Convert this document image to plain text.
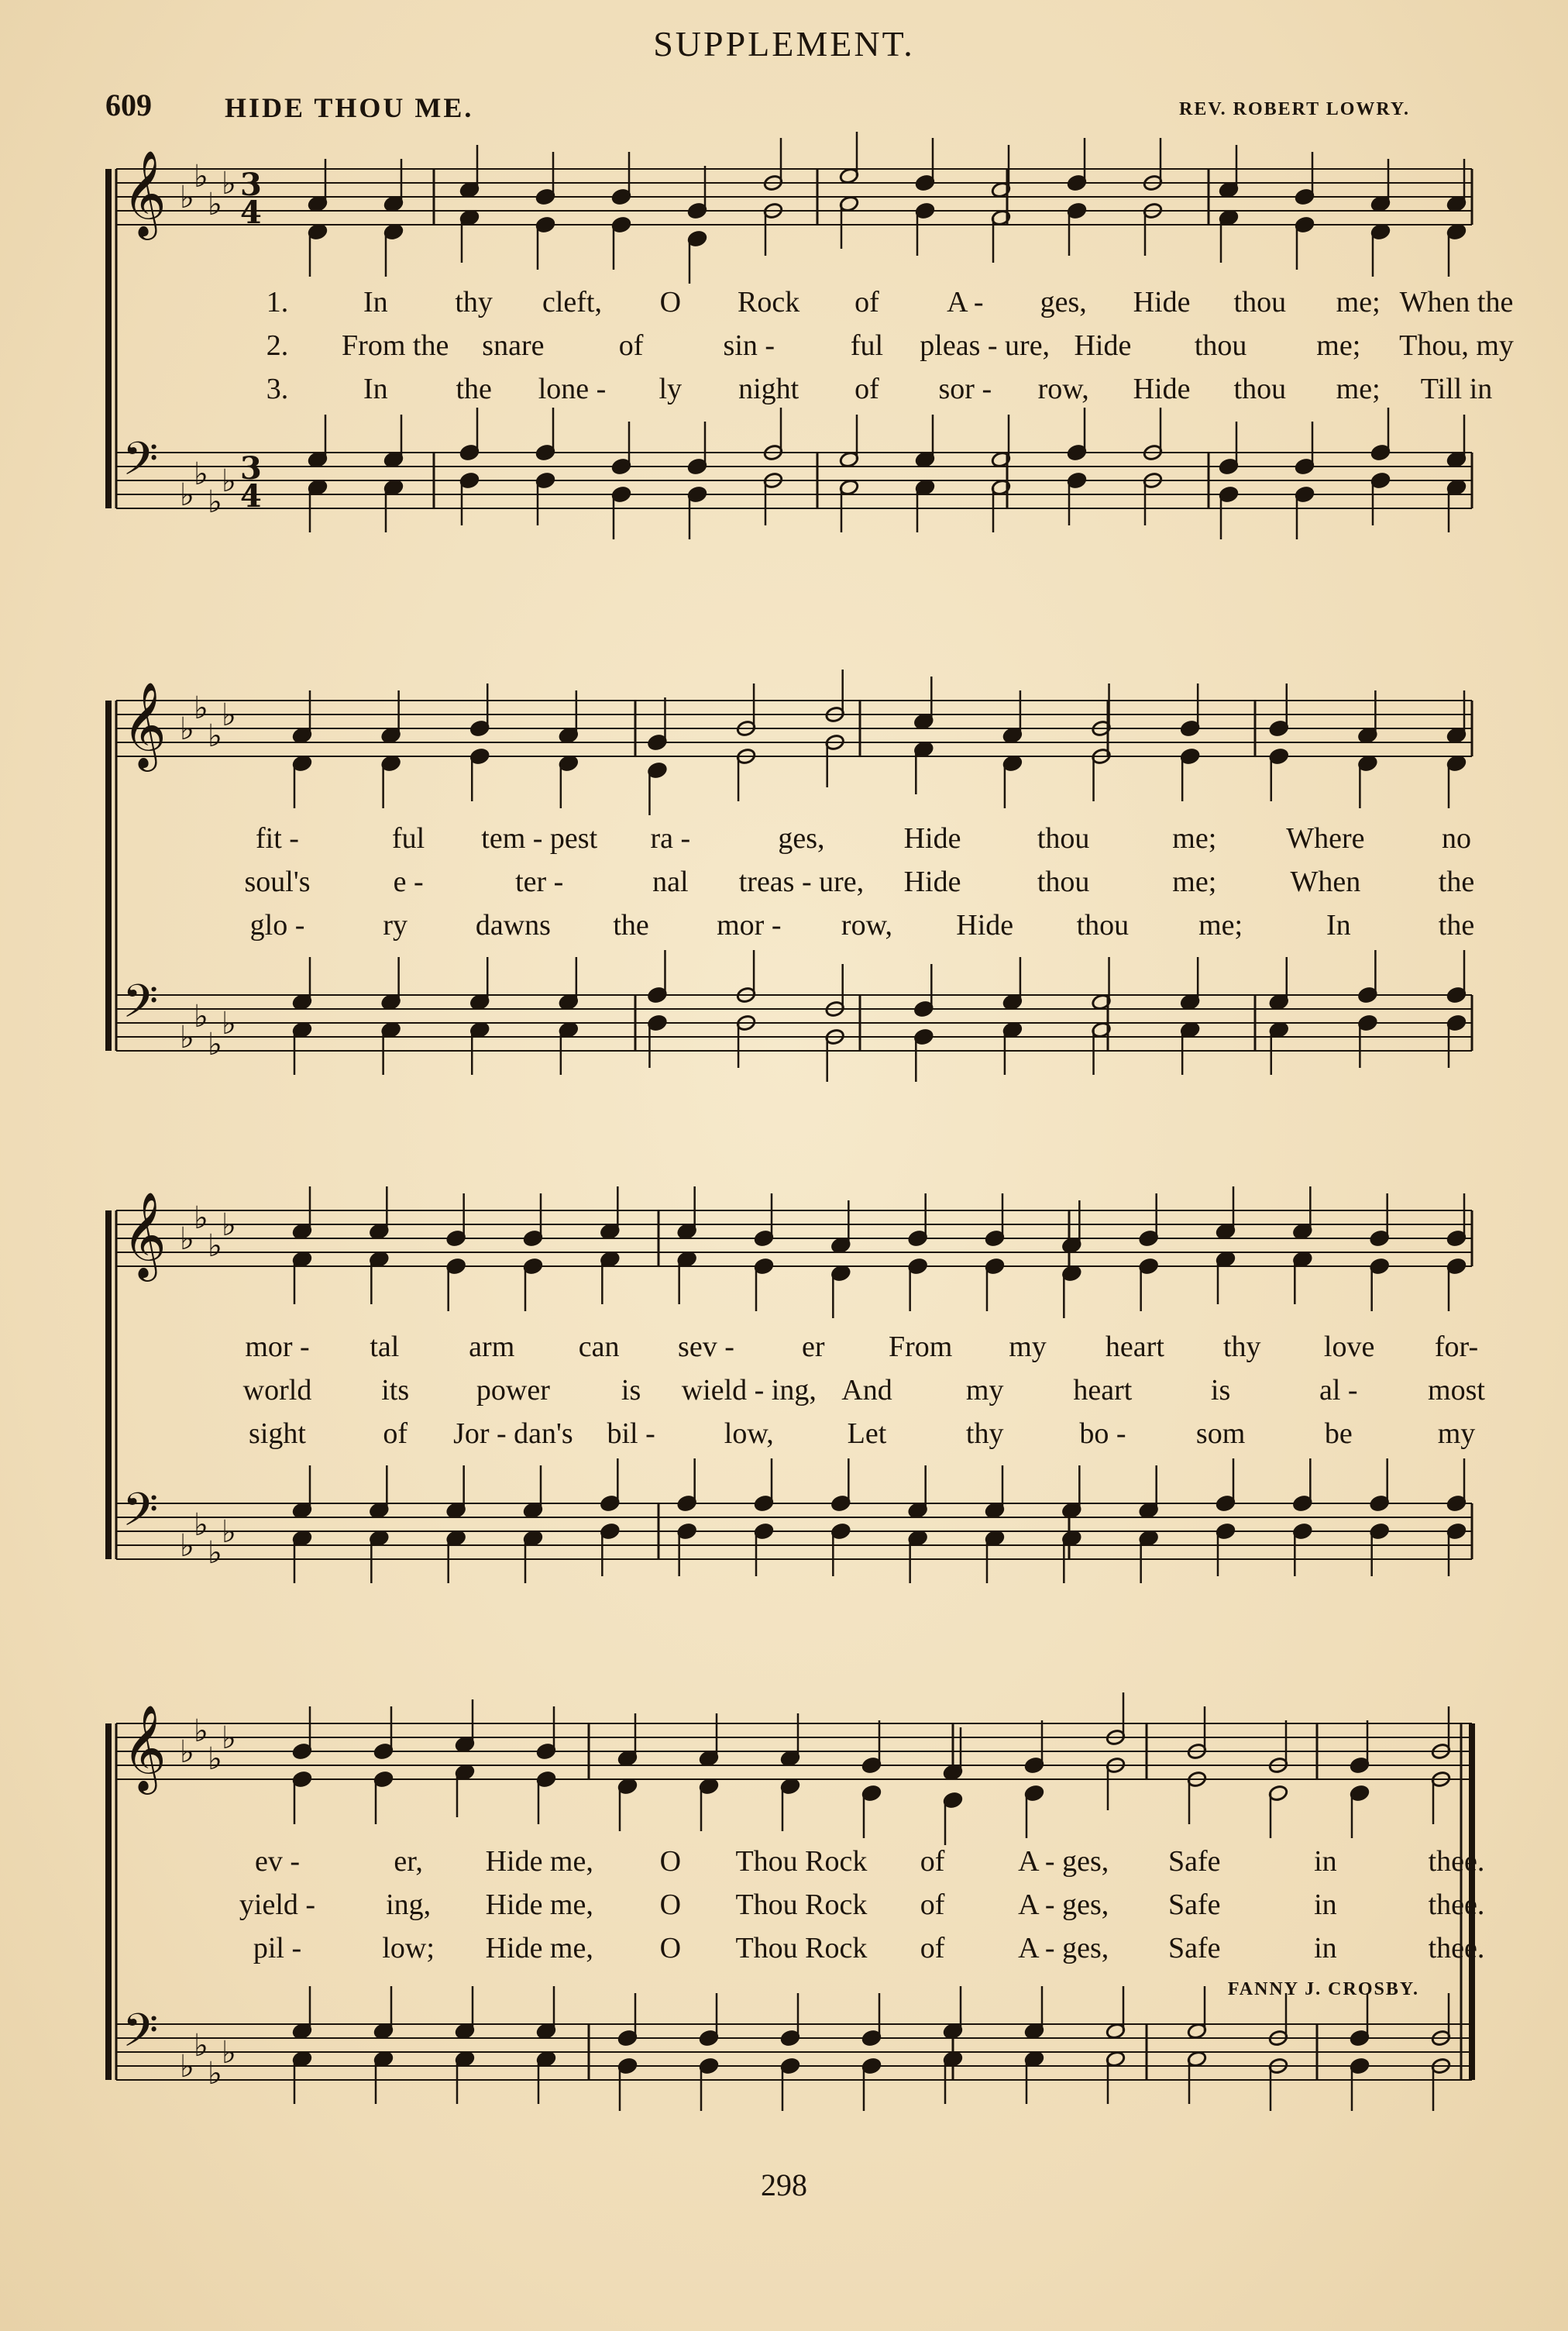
SUPPLEMENT.
609	HIDE THOU ME.	REV. ROBERT LOWRY.
𝄞 ♭
♭
♭
♭
𝄢 ♭
♭
♭
♭
3
4
3
4
1.	In thy cleft, O Rock of A - ges, Hide thou me; When the
2. From the snare	of	sin -	ful pleas - ure, Hide thou me; Thou, my
3.	In the lone - ly night of sor - row, Hide thou me; Till in
𝄞 ♭
♭
♭
♭
𝄢 ♭
♭
♭
♭
fit -	ful tem - pest ra -	ges,	Hide	thou	me; Where	no
soul's	e -	ter -	nal treas - ure, Hide	thou	me;	When	the
glo -	ry dawns the mor - row, Hide thou me;	In	the
𝄞 ♭
♭
♭
♭
𝄢 ♭
♭
♭
♭
mor - tal arm can sev - er From my heart thy love for-
world its power is wield - ing, And	my heart	is	al - most
sight	of Jor - dan's bil - low, Let	thy	bo - som	be	my
𝄞 ♭
♭
♭
♭
𝄢 ♭
♭
♭
♭
ev -	er, Hide me, O Thou Rock of A - ges, Safe	in	thee.
yield - ing, Hide me, O Thou Rock of A - ges, Safe	in	thee.
pil -	low; Hide me, O Thou Rock of A - ges, Safe	in	thee.
FANNY J. CROSBY.
298
